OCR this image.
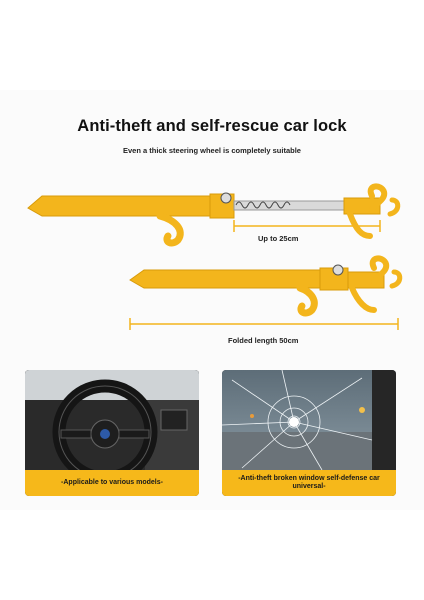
Anti-theft and self-rescue car lock
Even a thick steering wheel is completely suitable
Up to 25cm
Folded length 50cm
-Applicable to various models-
-Anti-theft broken window self-defense car universal-
